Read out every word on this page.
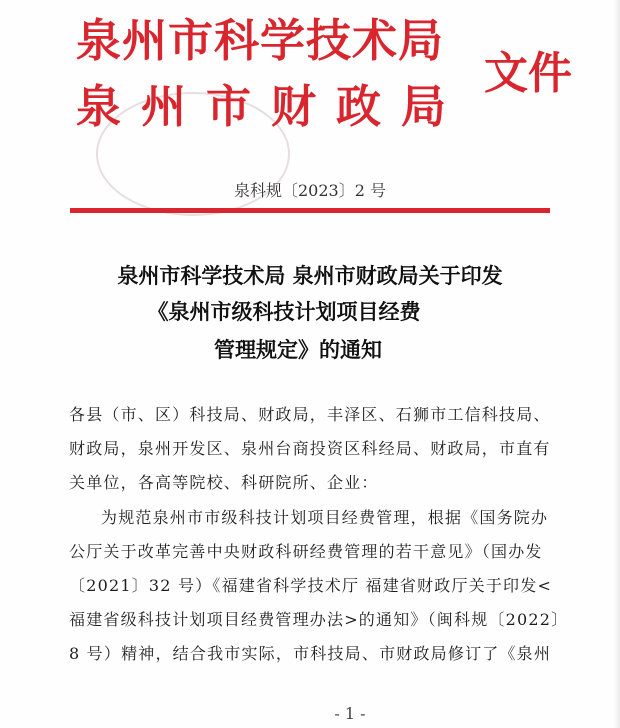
泉州市科学技术局
泉州市财政局
文件
泉科规〔2023〕2 号
泉州市科学技术局 泉州市财政局关于印发
《泉州市级科技计划项目经费
管理规定》的通知
各县（市、区）科技局、财政局，丰泽区、石狮市工信科技局、
财政局，泉州开发区、泉州台商投资区科经局、财政局，市直有
关单位，各高等院校、科研院所、企业：
为规范泉州市市级科技计划项目经费管理，根据《国务院办
公厅关于改革完善中央财政科研经费管理的若干意见》（国办发
〔2021〕32 号）《福建省科学技术厅 福建省财政厅关于印发<
福建省级科技计划项目经费管理办法>的通知》（闽科规〔2022〕
8 号）精神，结合我市实际，市科技局、市财政局修订了《泉州
- 1 -
